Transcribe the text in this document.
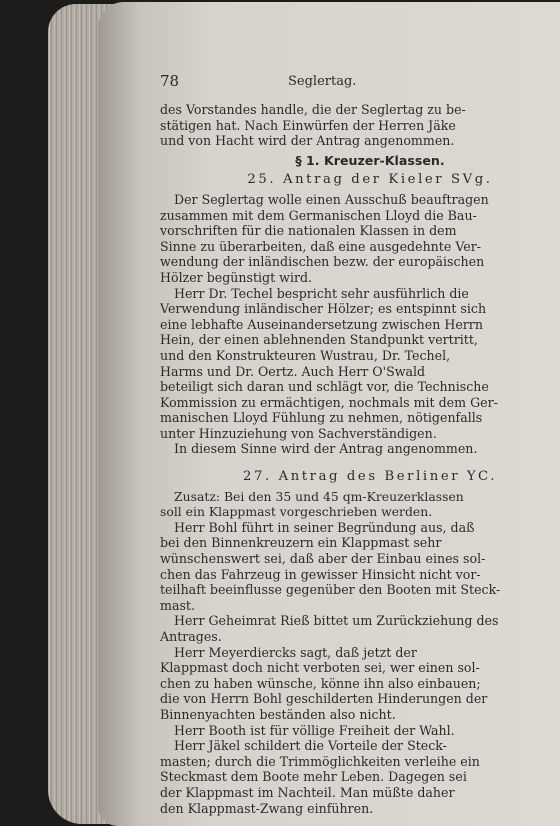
78	Seglertag.

des Vorstandes handle, die der Seglertag zu be-
stätigen hat. Nach Einwürfen der Herren Jäke
und von Hacht wird der Antrag angenommen.

§ 1. Kreuzer-Klassen.

25. Antrag der Kieler SVg.

Der Seglertag wolle einen Ausschuß beauftragen
zusammen mit dem Germanischen Lloyd die Bau-
vorschriften für die nationalen Klassen in dem
Sinne zu überarbeiten, daß eine ausgedehnte Ver-
wendung der inländischen bezw. der europäischen
Hölzer begünstigt wird.

Herr Dr. Techel bespricht sehr ausführlich die
Verwendung inländischer Hölzer; es entspinnt sich
eine lebhafte Auseinandersetzung zwischen Herrn
Hein, der einen ablehnenden Standpunkt vertritt,
und den Konstrukteuren Wustrau, Dr. Techel,
Harms und Dr. Oertz. Auch Herr O'Swald
beteiligt sich daran und schlägt vor, die Technische
Kommission zu ermächtigen, nochmals mit dem Ger-
manischen Lloyd Fühlung zu nehmen, nötigenfalls
unter Hinzuziehung von Sachverständigen.

In diesem Sinne wird der Antrag angenommen.

27. Antrag des Berliner YC.

Zusatz: Bei den 35 und 45 qm-Kreuzerklassen
soll ein Klappmast vorgeschrieben werden.

Herr Bohl führt in seiner Begründung aus, daß
bei den Binnenkreuzern ein Klappmast sehr
wünschenswert sei, daß aber der Einbau eines sol-
chen das Fahrzeug in gewisser Hinsicht nicht vor-
teilhaft beeinflusse gegenüber den Booten mit Steck-
mast.

Herr Geheimrat Rieß bittet um Zurückziehung des
Antrages.

Herr Meyerdiercks sagt, daß jetzt der
Klappmast doch nicht verboten sei, wer einen sol-
chen zu haben wünsche, könne ihn also einbauen;
die von Herrn Bohl geschilderten Hinderungen der
Binnenyachten beständen also nicht.

Herr Booth ist für völlige Freiheit der Wahl.

Herr Jäkel schildert die Vorteile der Steck-
masten; durch die Trimmöglichkeiten verleihe ein
Steckmast dem Boote mehr Leben. Dagegen sei
der Klappmast im Nachteil. Man müßte daher
den Klappmast-Zwang einführen.
